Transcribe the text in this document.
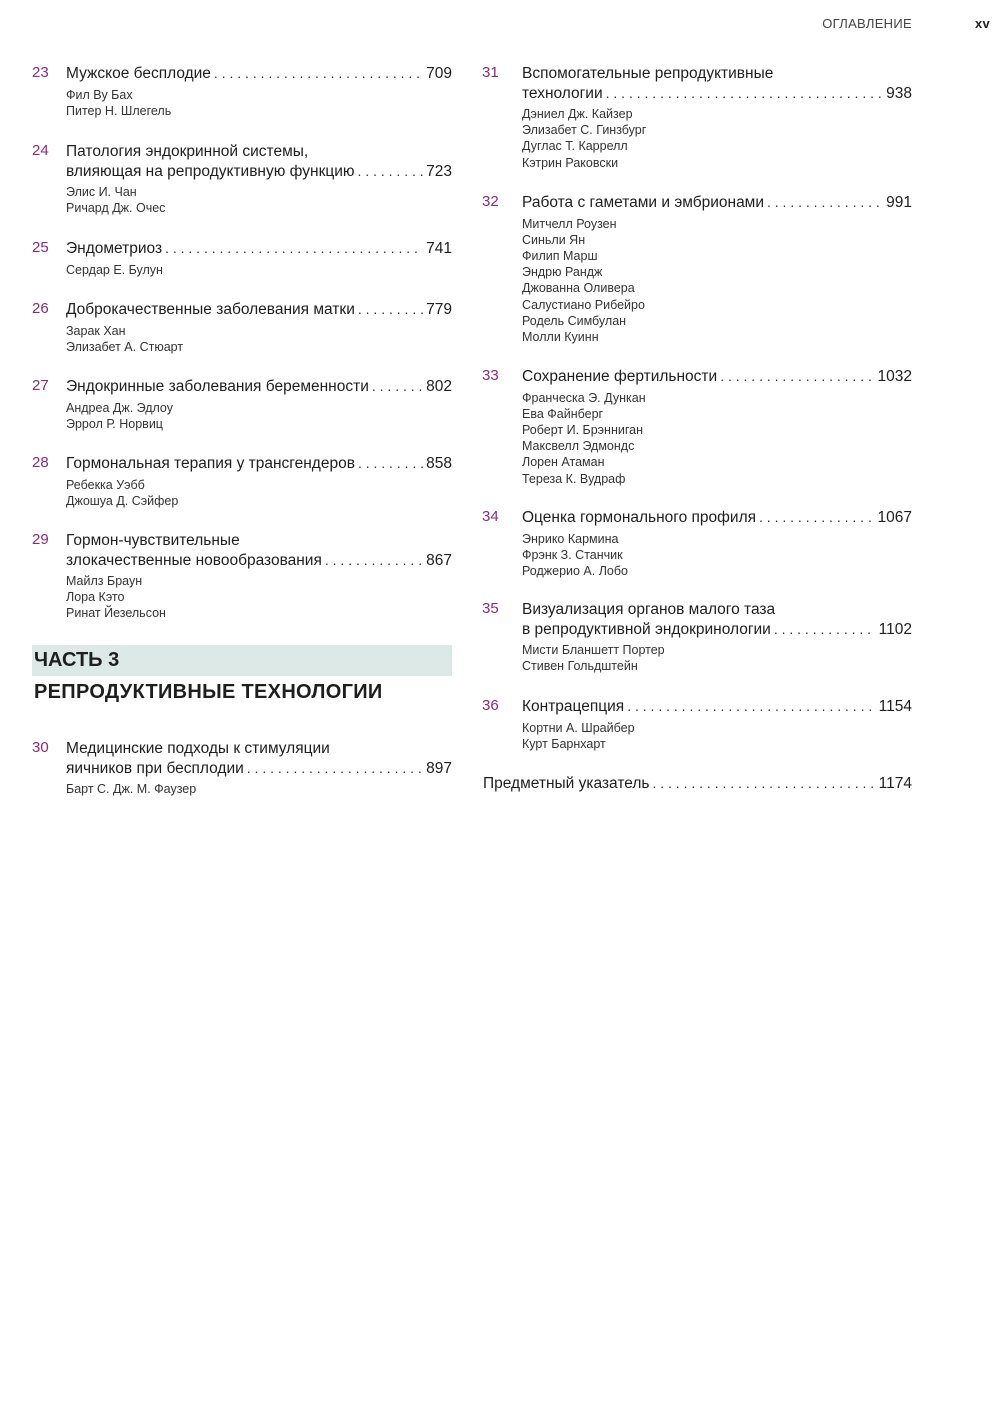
ОГЛАВЛЕНИЕ	xv
23 Мужское бесплодие . . .	709
Фил Ву Бах
Питер Н. Шлегель
24 Патология эндокринной системы,
влияющая на репродуктивную функцию . . .	723
Элис И. Чан
Ричард Дж. Очес
25 Эндометриоз . . .	741
Сердар Е. Булун
26 Доброкачественные заболевания матки . . .	779
Зарак Хан
Элизабет А. Стюарт
27 Эндокринные заболевания беременности . . .	802
Андреа Дж. Эдлоу
Эррол Р. Норвиц
28 Гормональная терапия у трансгендеров . . .	858
Ребекка Уэбб
Джошуа Д. Сэйфер
29 Гормон-чувствительные
злокачественные новообразования . . .	867
Майлз Браун
Лора Кэто
Ринат Йезельсон
30 Медицинские подходы к стимуляции
яичников при бесплодии . . .	897
Барт С. Дж. М. Фаузер
ЧАСТЬ 3
РЕПРОДУКТИВНЫЕ ТЕХНОЛОГИИ
31 Вспомогательные репродуктивные
технологии . . .	938
Дэниел Дж. Кайзер
Элизабет С. Гинзбург
Дуглас Т. Каррелл
Кэтрин Раковски
32 Работа с гаметами и эмбрионами . . .	991
Митчелл Роузен
Синьли Ян
Филип Марш
Эндрю Рандж
Джованна Оливера
Салустиано Рибейро
Родель Симбулан
Молли Куинн
33 Сохранение фертильности . . .	1032
Франческа Э. Дункан
Ева Файнберг
Роберт И. Брэнниган
Максвелл Эдмондс
Лорен Атаман
Тереза К. Вудраф
34 Оценка гормонального профиля . . .	1067
Энрико Кармина
Фрэнк З. Станчик
Роджерио А. Лобо
35 Визуализация органов малого таза
в репродуктивной эндокринологии . . .	1102
Мисти Бланшетт Портер
Стивен Гольдштейн
36 Контрацепция . . .	1154
Кортни А. Шрайбер
Курт Барнхарт
Предметный указатель . . .	1174
